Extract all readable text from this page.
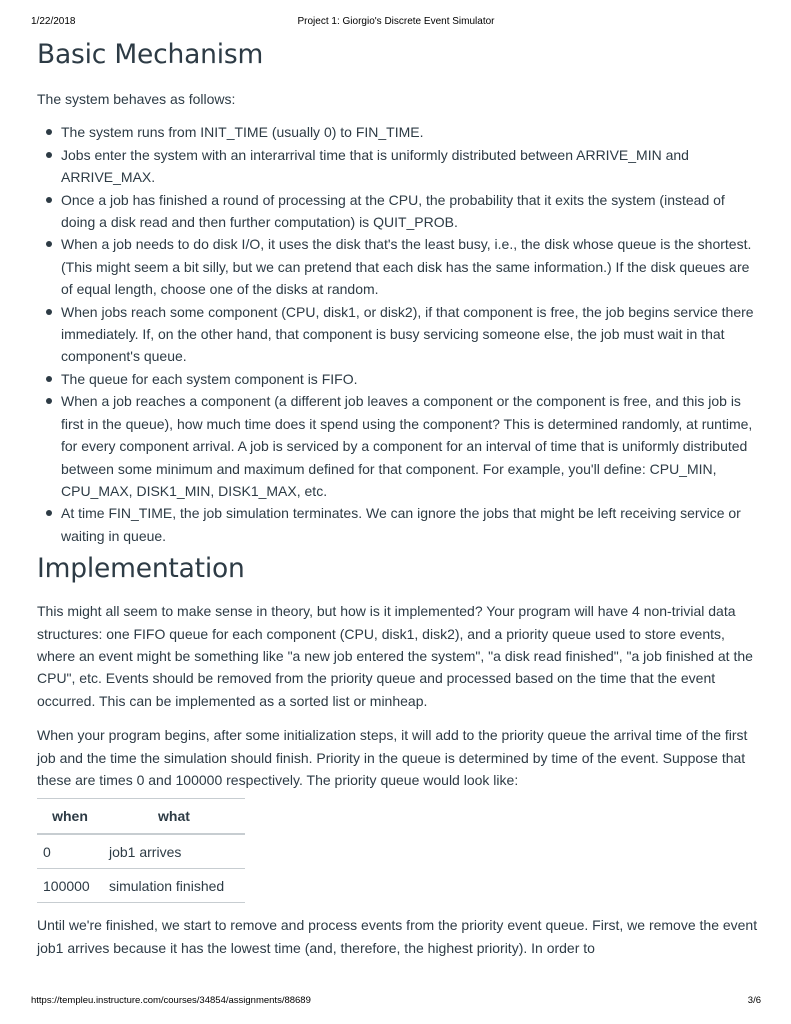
1/22/2018	Project 1: Giorgio's Discrete Event Simulator
Basic Mechanism

The system behaves as follows:

The system runs from INIT_TIME (usually 0) to FIN_TIME.
Jobs enter the system with an interarrival time that is uniformly distributed between ARRIVE_MIN and ARRIVE_MAX.
Once a job has finished a round of processing at the CPU, the probability that it exits the system (instead of doing a disk read and then further computation) is QUIT_PROB.
When a job needs to do disk I/O, it uses the disk that's the least busy, i.e., the disk whose queue is the shortest. (This might seem a bit silly, but we can pretend that each disk has the same information.) If the disk queues are of equal length, choose one of the disks at random.
When jobs reach some component (CPU, disk1, or disk2), if that component is free, the job begins service there immediately. If, on the other hand, that component is busy servicing someone else, the job must wait in that component's queue.
The queue for each system component is FIFO.
When a job reaches a component (a different job leaves a component or the component is free, and this job is first in the queue), how much time does it spend using the component? This is determined randomly, at runtime, for every component arrival. A job is serviced by a component for an interval of time that is uniformly distributed between some minimum and maximum defined for that component. For example, you'll define: CPU_MIN, CPU_MAX, DISK1_MIN, DISK1_MAX, etc.
At time FIN_TIME, the job simulation terminates. We can ignore the jobs that might be left receiving service or waiting in queue.
Implementation

This might all seem to make sense in theory, but how is it implemented? Your program will have 4 non-trivial data structures: one FIFO queue for each component (CPU, disk1, disk2), and a priority queue used to store events, where an event might be something like "a new job entered the system", "a disk read finished", "a job finished at the CPU", etc. Events should be removed from the priority queue and processed based on the time that the event occurred. This can be implemented as a sorted list or minheap.

When your program begins, after some initialization steps, it will add to the priority queue the arrival time of the first job and the time the simulation should finish. Priority in the queue is determined by time of the event. Suppose that these are times 0 and 100000 respectively. The priority queue would look like:

when	what
0	job1 arrives
100000	simulation finished

Until we're finished, we start to remove and process events from the priority event queue. First, we remove the event job1 arrives because it has the lowest time (and, therefore, the highest priority). In order to

https://templeu.instructure.com/courses/34854/assignments/88689	3/6
